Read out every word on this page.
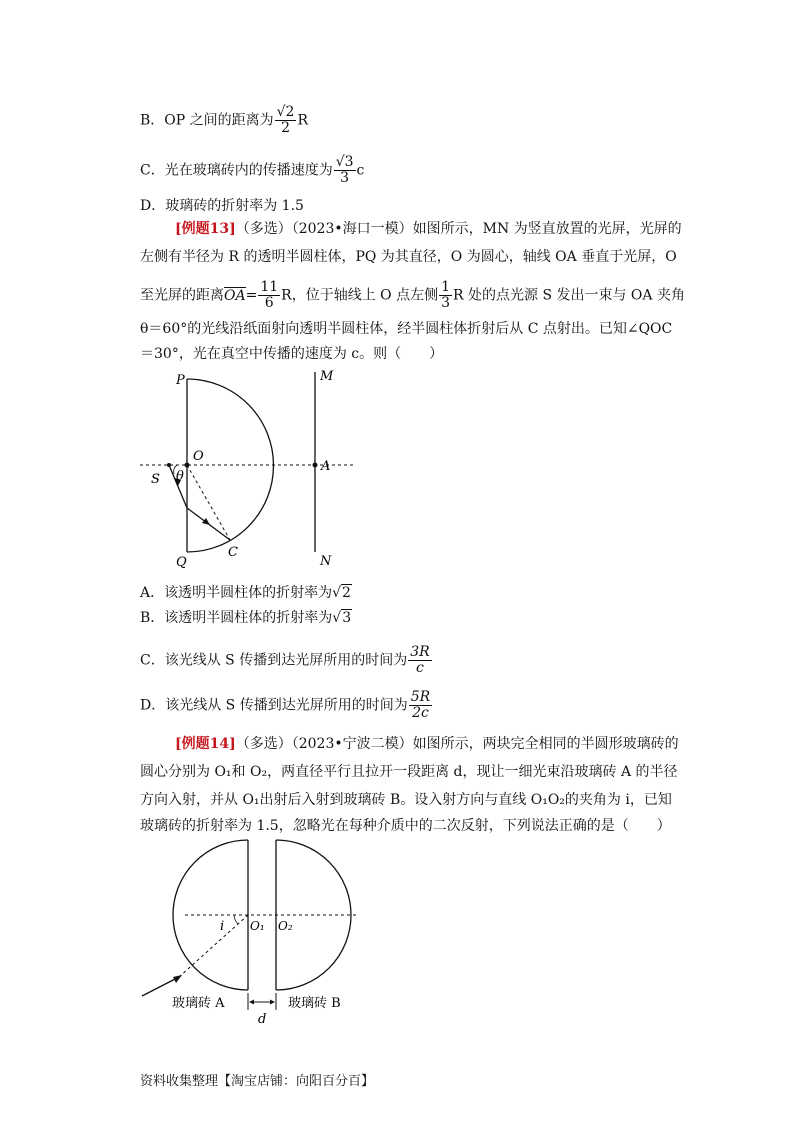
B．OP 之间的距离为 $\frac{√2}{2}$ R
C．光在玻璃砖内的传播速度为 $\frac{√3}{3}$ c
D．玻璃砖的折射率为 1.5
[例题13]（多选）（2023•海口一模）如图所示，MN 为竖直放置的光屏，光屏的
左侧有半径为 R 的透明半圆柱体，PQ 为其直径，O 为圆心，轴线 OA 垂直于光屏，O
至光屏的距离$OA= \frac{11}{6}$ R，位于轴线上 O 点左侧 $\frac{1}{3}$ R 处的点光源 S 发出一束与 OA 夹角
θ＝60°的光线沿纸面射向透明半圆柱体，经半圆柱体折射后从 C 点射出。已知∠QOC
＝30°，光在真空中传播的速度为 c。则（　　）
P	M
O
A
S θ
Q
C
N
A．该透明半圆柱体的折射率为√2
B．该透明半圆柱体的折射率为√3
C．该光线从 S 传播到达光屏所用的时间为 $\frac{3R}{c}$
D．该光线从 S 传播到达光屏所用的时间为 $\frac{5R}{2c}$
[例题14]（多选）（2023•宁波二模）如图所示，两块完全相同的半圆形玻璃砖的
圆心分别为 O₁和 O₂，两直径平行且拉开一段距离 d，现让一细光束沿玻璃砖 A 的半径
方向入射，并从 O₁出射后入射到玻璃砖 B。设入射方向与直线 O₁O₂的夹角为 i，已知
玻璃砖的折射率为 1.5，忽略光在每种介质中的二次反射，下列说法正确的是（　　）
i O₁ O₂
玻璃砖 A	玻璃砖 B
d
资料收集整理【淘宝店铺：向阳百分百】
